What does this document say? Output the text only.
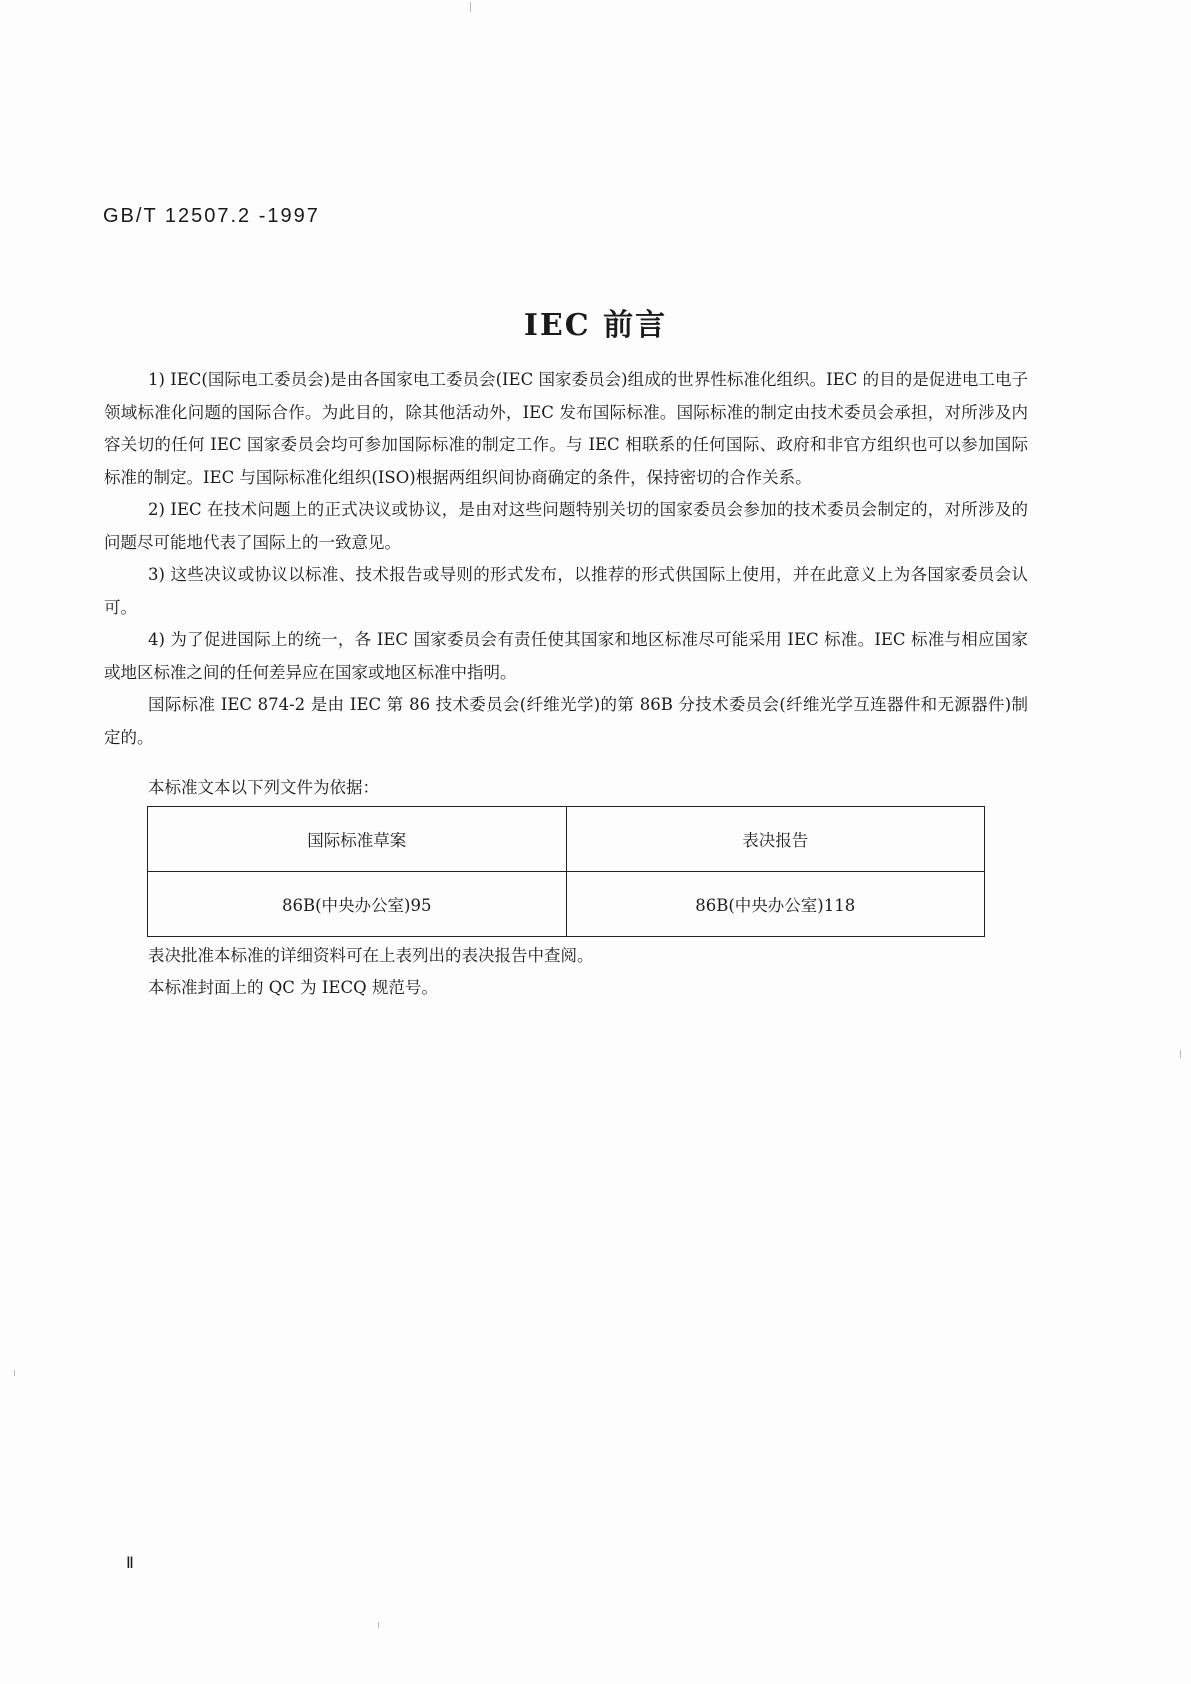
GB/T 12507.2 -1997
IEC 前言

1) IEC(国际电工委员会)是由各国家电工委员会(IEC 国家委员会)组成的世界性标准化组织。IEC 的目的是促进电工电子领域标准化问题的国际合作。为此目的，除其他活动外，IEC 发布国际标准。国际标准的制定由技术委员会承担，对所涉及内容关切的任何 IEC 国家委员会均可参加国际标准的制定工作。与 IEC 相联系的任何国际、政府和非官方组织也可以参加国际标准的制定。IEC 与国际标准化组织(ISO)根据两组织间协商确定的条件，保持密切的合作关系。

2) IEC 在技术问题上的正式决议或协议，是由对这些问题特别关切的国家委员会参加的技术委员会制定的，对所涉及的问题尽可能地代表了国际上的一致意见。

3) 这些决议或协议以标准、技术报告或导则的形式发布，以推荐的形式供国际上使用，并在此意义上为各国家委员会认可。

4) 为了促进国际上的统一，各 IEC 国家委员会有责任使其国家和地区标准尽可能采用 IEC 标准。IEC 标准与相应国家或地区标准之间的任何差异应在国家或地区标准中指明。

国际标准 IEC 874-2 是由 IEC 第 86 技术委员会(纤维光学)的第 86B 分技术委员会(纤维光学互连器件和无源器件)制定的。

本标准文本以下列文件为依据：
国际标准草案	表决报告
86B(中央办公室)95	86B(中央办公室)118
表决批准本标准的详细资料可在上表列出的表决报告中查阅。
本标准封面上的 QC 为 IECQ 规范号。
Ⅱ
